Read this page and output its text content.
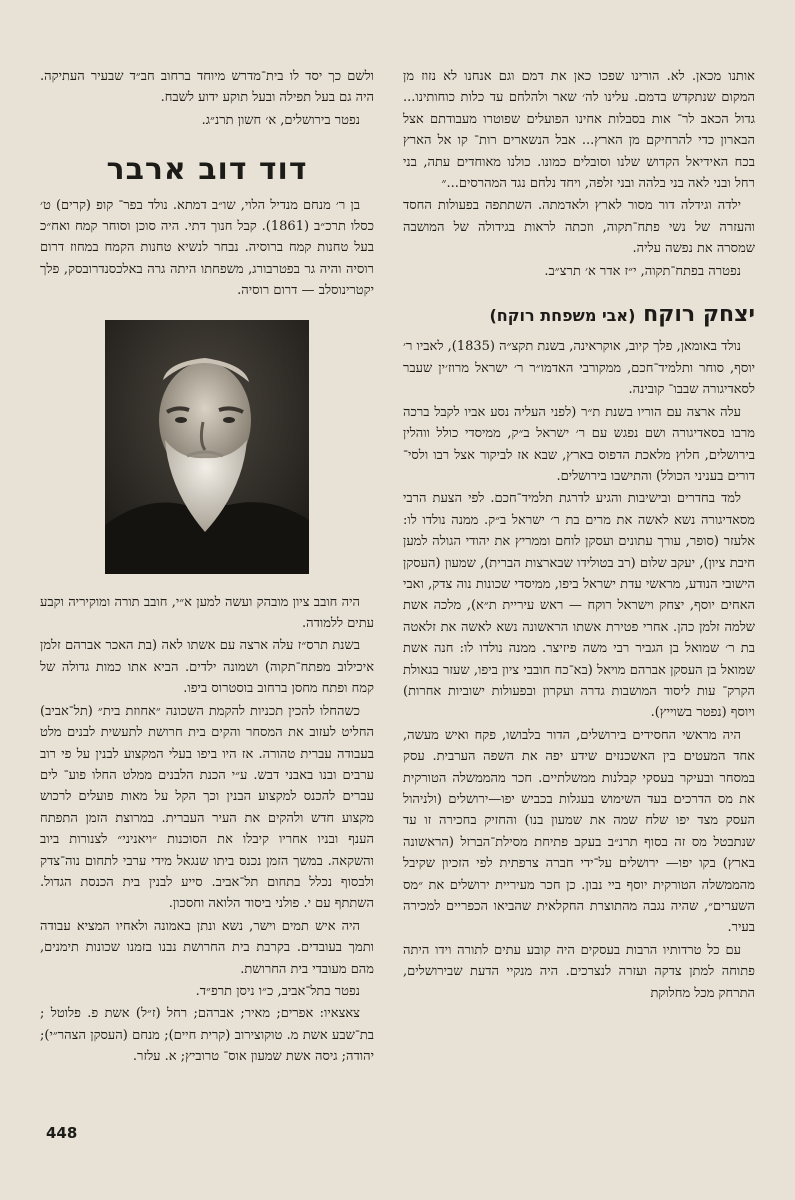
אותנו מכאן. לא. הורינו שפכו כאן את דמם וגם אנחנו לא נזוז מן המקום שנתקדש בדמם. עלינו לה׳ שאר ולהלחם עד כלות כוחותינו... גדול הכאב לר־ אות בסבלות אחינו הפועלים שפוטרו מעבודתם אצל הבארון כדי להרחיקם מן הארץ... אבל הנשארים רות־ קו אל הארץ בכח האידיאל הקדוש שלנו וסובלים כמונו. כולנו מאוחדים עתה, בני רחל ובני לאה בני בלהה ובני זלפה, ויחד נלחם נגד המהרסים...״

ילדה וגידלה דור מסור לארץ ולאדמתה. השתתפה בפעולות החסד והעזרה של נשי פתח־תקוה, וזכתה לראות בגידולה של המושבה שמסרה את נפשה עליה.

נפטרה בפתח־תקוה, י״ז אדר א׳ תרצ״ב.

יצחק רוקח (אבי משפחת רוקח)

נולד באומאן, פלך קיוב, אוקראינה, בשנת תקצ״ה (1835), לאביו ר׳ יוסף, סוחר ותלמיד־חכם, ממקורבי האדמו״ר ר׳ ישראל מרוז׳ין שעבר לסאדיגורה שבבו־ קובינה.

עלה ארצה עם הוריו בשנת ת״ר (לפני העליה נסע אביו לקבל ברכה מרבו בסאדיגורה ושם נפגש עם ר׳ ישראל ב״ק, ממיסדי כולל ווהלין בירושלים, חלוץ מלאכת הדפוס בארץ, שבא אז לביקור אצל רבו ולסי־ דורים בעניני הכולל) והתישבו בירושלים.

למד בחדרים ובישיבות והגיע לדרגת תלמיד־חכם. לפי הצעת הרבי מסאדיגורה נשא לאשה את מרים בת ר׳ ישראל ב״ק. ממנה נולדו לו: אלעזר (סופר, עורך עתונים ועסקן לוחם וממריץ את יהודי הגולה למען חיבת ציון), יעקב שלום (רב בטולידו שבארצות הברית), שמעון (העסקן הישובי הנודע, מראשי עדת ישראל ביפו, ממיסדי שכונות נוה צדק, ואבי האחים יוסף, יצחק וישראל רוקח — ראש עיריית ת״א), מלכה אשת שלמה זלמן כהן. אחרי פטירת אשתו הראשונה נשא לאשה את זלאטה בת ר׳ שמואל בן הגביר רבי משה פיזיצר. ממנה נולדו לו: חנה אשת שמואל בן העסקן אברהם מויאל (בא־כח חובבי ציון ביפו, שעזר בגאולת הקרק־ עות ליסוד המושבות גדרה ועקרון ובפעולות ישוביות אחרות) ויוסף (נפטר בשוייץ).

היה מראשי החסידים בירושלים, הדור בלבושו, פקח ואיש מעשה, אחד המעטים בין האשכנזים שידע יפה את השפה הערבית. עסק במסחר ובעיקר בעסקי קבלנות ממשלתיים. חכר מהממשלה הטורקית את מס הדרכים בעד השימוש בעגלות בכביש יפו—ירושלים (ולניהול העסק מצד יפו שלח שמה את שמעון בנו) והחזיק בחכירה זו עד שנתבטל מס זה בסוף תרנ״ב בעקב פתיחת מסילת־הברזל (הראשונה בארץ) בקו יפו— ירושלים על־ידי חברה צרפתית לפי הזכיון שקיבל מהממשלה הטורקית יוסף ביי נבון. כן חכר מעיריית ירושלים את ״מס השערים״, שהיה נגבה מהתוצרת החקלאית שהביאו הכפריים למכירה בעיר.

עם כל טרדותיו הרבות בעסקים היה קובע עתים לתורה וידו היתה פתוחה למתן צדקה ועזרה לנצרכים. היה מנקיי הדעת שבירושלים, התרחק מכל מחלוקת

ולשם כך יסד לו בית־מדרש מיוחד ברחוב חב״ד שבעיר העתיקה. היה גם בעל תפילה ובעל תוקע ידוע לשבח.

נפטר בירושלים, א׳ חשון תרנ״ג.

דוד דוב ארבר

בן ר׳ מנחם מנדיל הלוי, שו״ב דמתא. נולד בפר־ קופ (קרים) ט׳ כסלו תרכ״ב (1861). קבל חנוך דתי. היה סוכן וסוחר קמח ואח״כ בעל טחנות קמח ברוסיה. נבחר לנשיא טחנות הקמח במחוז דרום רוסיה והיה גר בפטרבורג, משפחתו היתה גרה באלכסנדרובסק, פלך יקטרינוסלב — דרום רוסיה.

היה חובב ציון מובהק ועשה למען א״י, חובב תורה ומוקיריה וקבע עתים ללמודה.

בשנת תרס״ז עלה ארצה עם אשתו לאה (בת האכר אברהם זלמן איכילוב מפתח־תקוה) ושמונה ילדים. הביא אתו כמות גדולה של קמח ופתח מחסן ברחוב בוסטרוס ביפו.

כשהחלו להכין תכניות להקמת השכונה ״אחוזת בית״ (תל־אביב) החליט לעזוב את המסחר והקים בית חרושת לתעשית לבנים מלט בעבודה עברית טהורה. אז היו ביפו בעלי המקצוע לבנין על פי רוב ערבים ובנו באבני דבש. ע״י הכנת הלבנים ממלט החלו פוע־ לים עברים להכנס למקצוע הבנין וכך הקל על מאות פועלים לרכוש מקצוע חדש ולהקים את העיר העברית. במרוצת הזמן התפתח הענף ובניו אחריו קיבלו את הסוכנות ״ויאניני״ לצנורות ביוב והשקאה. במשך הזמן נכנס ביתו שנגאל מידי ערבי לתחום נוה־צדק ולבסוף נכלל בתחום תל־אביב. סייע לבנין בית הכנסת הגדול. השתתף עם י. פולני ביסוד הלואה וחסכון.

היה איש תמים וישר, נשא ונתן באמונה ולאחיו המציא עבודה ותמך בעובדים. בקרבת בית החרושת נבנו בזמנו שכונות תימנים, מהם מעובדי בית החרושת.

נפטר בתל־אביב, כ״ו ניסן תרפ״ד.

צאצאיו: אפרים; מאיר; אברהם; רחל (ז״ל) אשת פ. פלוטל ; בת־שבע אשת מ. טוקוצירוב (קרית חיים); מנחם (העסקן הצהר״י); יהודה; גיסה אשת שמעון אוס־ טרוביץ; א. עלזר.

448
